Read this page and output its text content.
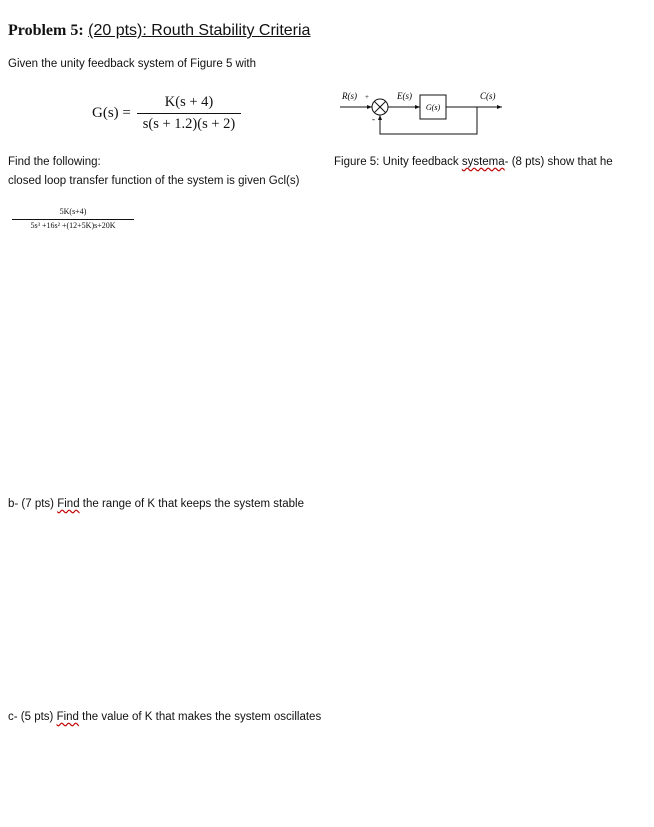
Problem 5: (20 pts): Routh Stability Criteria
Given the unity feedback system of Figure 5 with
G(s) =
K(s + 4)
s(s + 1.2)(s + 2)
R(s) +	E(s)	C(s)
-
G(s)
Find the following:	Figure 5: Unity feedback systema- (8 pts) show that he
closed loop transfer function of the system is given Gcl(s)
5K(s+4)
5s³ +16s² +(12+5K)s+20K
b- (7 pts) Find the range of K that keeps the system stable
c- (5 pts) Find the value of K that makes the system oscillates
